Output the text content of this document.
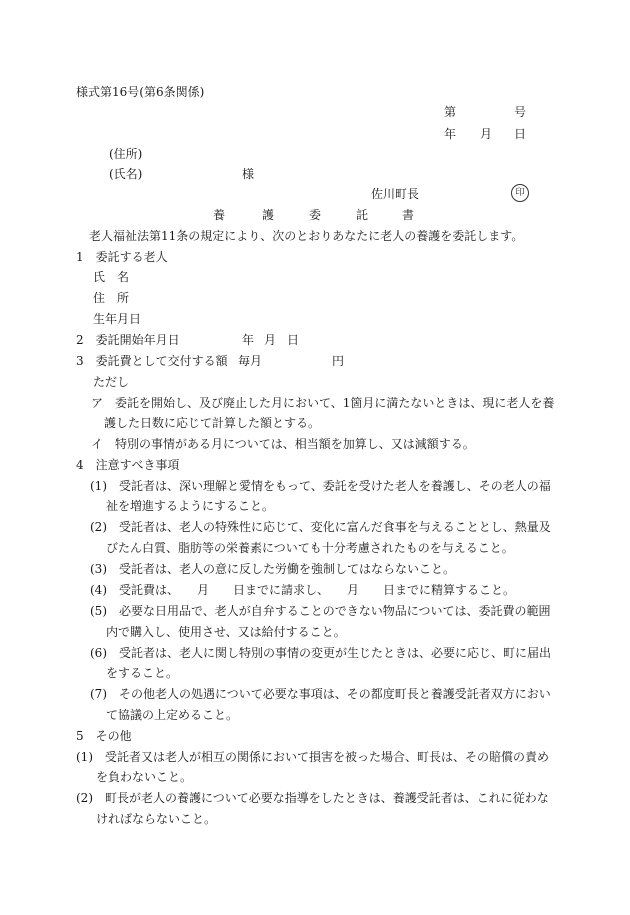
様式第16号(第6条関係)
第	号
年 月 日
(住所)
(氏名)	様
佐川町長	印
養	護	委	託	書
老人福祉法第11条の規定により、次のとおりあなたに老人の養護を委託します。
1　委託する老人
氏　名
住　所
生年月日
2　委託開始年月日	年 月 日
3　委託費として交付する額 毎月	円
ただし
ア　委託を開始し、及び廃止した月において、1箇月に満たないときは、現に老人を養
護した日数に応じて計算した額とする。
イ　特別の事情がある月については、相当額を加算し、又は減額する。
4　注意すべき事項
(1)　受託者は、深い理解と愛情をもって、委託を受けた老人を養護し、その老人の福
祉を増進するようにすること。
(2)　受託者は、老人の特殊性に応じて、変化に富んだ食事を与えることとし、熱量及
びたん白質、脂肪等の栄養素についても十分考慮されたものを与えること。
(3)　受託者は、老人の意に反した労働を強制してはならないこと。
(4)　受託費は、　　月　　日までに請求し、　　月　　日までに精算すること。
(5)　必要な日用品で、老人が自弁することのできない物品については、委託費の範囲
内で購入し、使用させ、又は給付すること。
(6)　受託者は、老人に関し特別の事情の変更が生じたときは、必要に応じ、町に届出
をすること。
(7)　その他老人の処遇について必要な事項は、その都度町長と養護受託者双方におい
て協議の上定めること。
5　その他
(1)　受託者又は老人が相互の関係において損害を被った場合、町長は、その賠償の責め
を負わないこと。
(2)　町長が老人の養護について必要な指導をしたときは、養護受託者は、これに従わな
ければならないこと。
